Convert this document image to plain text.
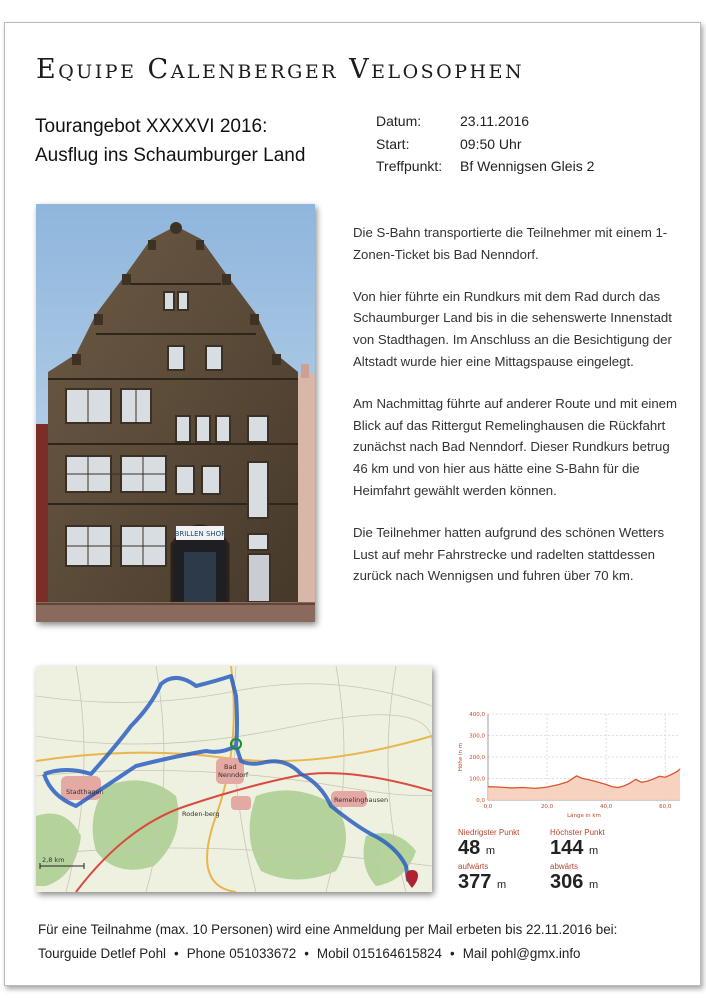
Equipe Calenberger Velosophen
Tourangebot XXXXVI 2016:
Ausflug ins Schaumburger Land
Datum:	23.11.2016
Start:	09:50 Uhr
Treffpunkt:	Bf Wennigsen Gleis 2
BRILLEN SHOP

Die S-Bahn transportierte die Teilnehmer mit einem 1-Zonen-Ticket bis Bad Nenndorf.

Von hier führte ein Rundkurs mit dem Rad durch das Schaumburger Land bis in die sehenswerte Innenstadt von Stadthagen. Im Anschluss an die Besichtigung der Altstadt wurde hier eine Mittagspause eingelegt.

Am Nachmittag führte auf anderer Route und mit einem Blick auf das Rittergut Remelinghausen die Rückfahrt zunächst nach Bad Nenndorf. Dieser Rundkurs betrug 46 km und von hier aus hätte eine S-Bahn für die Heimfahrt gewählt werden können.

Die Teilnehmer hatten aufgrund des schönen Wetters Lust auf mehr Fahrstrecke und radelten stattdessen zurück nach Wennigsen und fuhren über 70 km.

Stadthagen
Bad
Nenndorf
Remelinghausen
Roden-berg
2,8 km
0,0
100,0
200,0
300,0
400,0
0,0	20,0	40,0	60,0
Länge in km
Höhe in m
Niedrigster Punkt
48 m
Höchster Punkt
144 m
aufwärts
377 m
abwärts
306 m
Für eine Teilnahme (max. 10 Personen) wird eine Anmeldung per Mail erbeten bis 22.11.2016 bei:
Tourguide Detlef Pohl • Phone 051033672 • Mobil 015164615824 • Mail pohl@gmx.info
